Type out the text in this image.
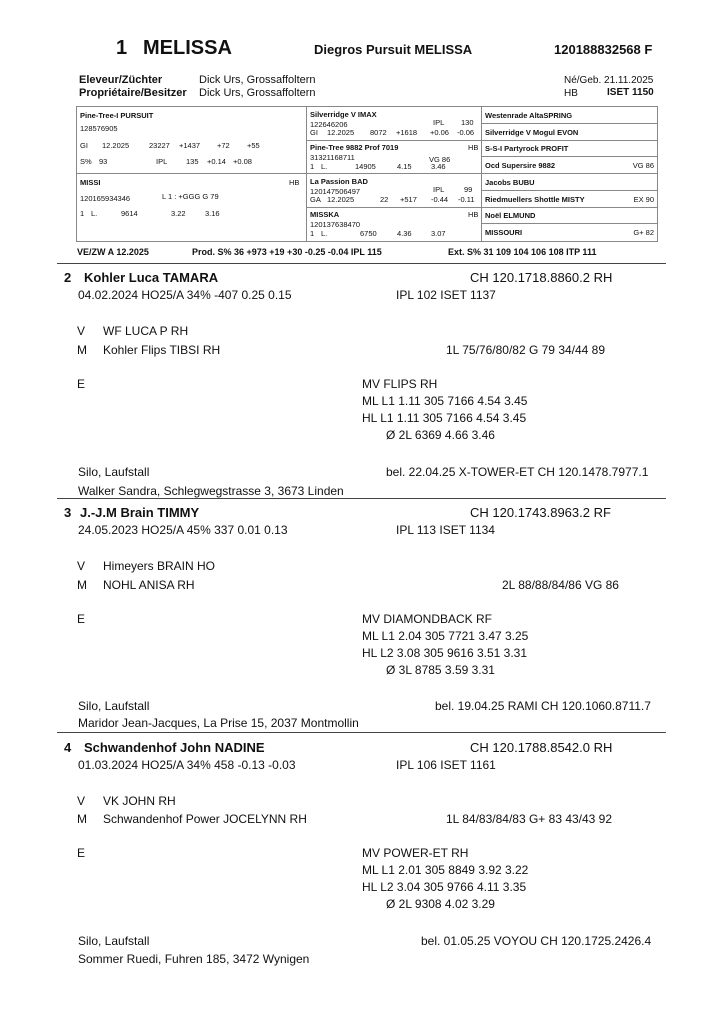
1 MELISSA	Diegros Pursuit MELISSA	120188832568 F
Eleveur/Züchter	Dick Urs, Grossaffoltern
Propriétaire/Besitzer Dick Urs, Grossaffoltern
Né/Geb. 21.11.2025
HB	ISET 1150
Pine-Tree-I PURSUIT
128576905
GI 12.2025	23227 +1437 +72 +55
S% 93	IPL 135 +0.14 +0.08
MISSI	HB
120165934346	L 1 : +GGG G 79
1 L.	9614	3.22	3.16
Silverridge V IMAX
122646206	IPL 130
GI 12.2025 8072 +1618 +0.06 -0.06
Pine-Tree 9882 Prof 7019	HB
31321168711	VG 86
1 L.	14905	4.15	3.46
La Passion BAD
120147506497	IPL	99
GA 12.2025	22 +517 -0.44 -0.11
MISSKA	HB
120137638470
1 L.	6750	4.36	3.07
Westenrade AltaSPRING
Silverridge V Mogul EVON
S-S-I Partyrock PROFIT
Ocd Supersire 9882	VG 86
Jacobs BUBU
Riedmuellers Shottle MISTY	EX 90
Noël ELMUND
MISSOURI	G+ 82
VE/ZW A 12.2025	Prod. S% 36 +973 +19 +30 -0.25 -0.04 IPL 115	Ext. S% 31 109 104 106 108 ITP 111
2 Kohler Luca TAMARA	CH 120.1718.8860.2 RH
04.02.2024 HO25/A 34% -407 0.25 0.15	IPL 102 ISET 1137
V WF LUCA P RH
M Kohler Flips TIBSI RH	1L 75/76/80/82 G 79 34/44 89
E	MV FLIPS RH
ML L1 1.11 305 7166 4.54 3.45
HL L1 1.11 305 7166 4.54 3.45
Ø 2L 6369 4.66 3.46
Silo, Laufstall	bel. 22.04.25 X-TOWER-ET CH 120.1478.7977.1
Walker Sandra, Schlegwegstrasse 3, 3673 Linden
3 J.-J.M Brain TIMMY	CH 120.1743.8963.2 RF
24.05.2023 HO25/A 45% 337 0.01 0.13	IPL 113 ISET 1134
V Himeyers BRAIN HO
M NOHL ANISA RH	2L 88/88/84/86 VG 86
E	MV DIAMONDBACK RF
ML L1 2.04 305 7721 3.47 3.25
HL L2 3.08 305 9616 3.51 3.31
Ø 3L 8785 3.59 3.31
Silo, Laufstall	bel. 19.04.25 RAMI CH 120.1060.8711.7
Maridor Jean-Jacques, La Prise 15, 2037 Montmollin
4 Schwandenhof John NADINE	CH 120.1788.8542.0 RH
01.03.2024 HO25/A 34% 458 -0.13 -0.03	IPL 106 ISET 1161
V VK JOHN RH
M Schwandenhof Power JOCELYNN RH	1L 84/83/84/83 G+ 83 43/43 92
E	MV POWER-ET RH
ML L1 2.01 305 8849 3.92 3.22
HL L2 3.04 305 9766 4.11 3.35
Ø 2L 9308 4.02 3.29
Silo, Laufstall	bel. 01.05.25 VOYOU CH 120.1725.2426.4
Sommer Ruedi, Fuhren 185, 3472 Wynigen
